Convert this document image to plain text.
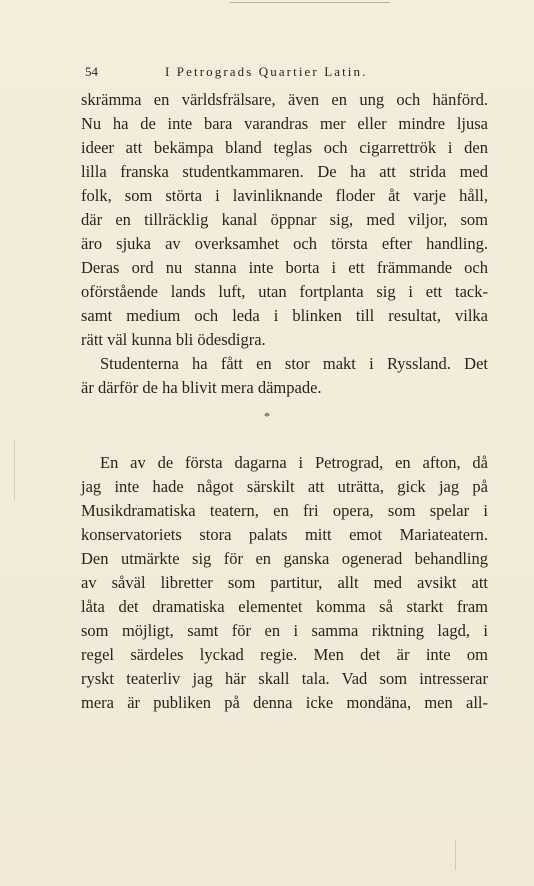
54	I Petrograds Quartier Latin.
skrämma en världsfrälsare, även en ung och hänförd.
Nu ha de inte bara varandras mer eller mindre ljusa
ideer att bekämpa bland teglas och cigarrettrök i den
lilla franska studentkammaren. De ha att strida med
folk, som störta i lavinliknande floder åt varje håll,
där en tillräcklig kanal öppnar sig, med viljor, som
äro sjuka av overksamhet och törsta efter handling.
Deras ord nu stanna inte borta i ett främmande och
oförstående lands luft, utan fortplanta sig i ett tack-
samt medium och leda i blinken till resultat, vilka
rätt väl kunna bli ödesdigra.
Studenterna ha fått en stor makt i Ryssland. Det
är därför de ha blivit mera dämpade.
*
En av de första dagarna i Petrograd, en afton, då
jag inte hade något särskilt att uträtta, gick jag på
Musikdramatiska teatern, en fri opera, som spelar i
konservatoriets stora palats mitt emot Mariateatern.
Den utmärkte sig för en ganska ogenerad behandling
av såväl libretter som partitur, allt med avsikt att
låta det dramatiska elementet komma så starkt fram
som möjligt, samt för en i samma riktning lagd, i
regel särdeles lyckad regie. Men det är inte om
ryskt teaterliv jag här skall tala. Vad som intresserar
mera är publiken på denna icke mondäna, men all-
